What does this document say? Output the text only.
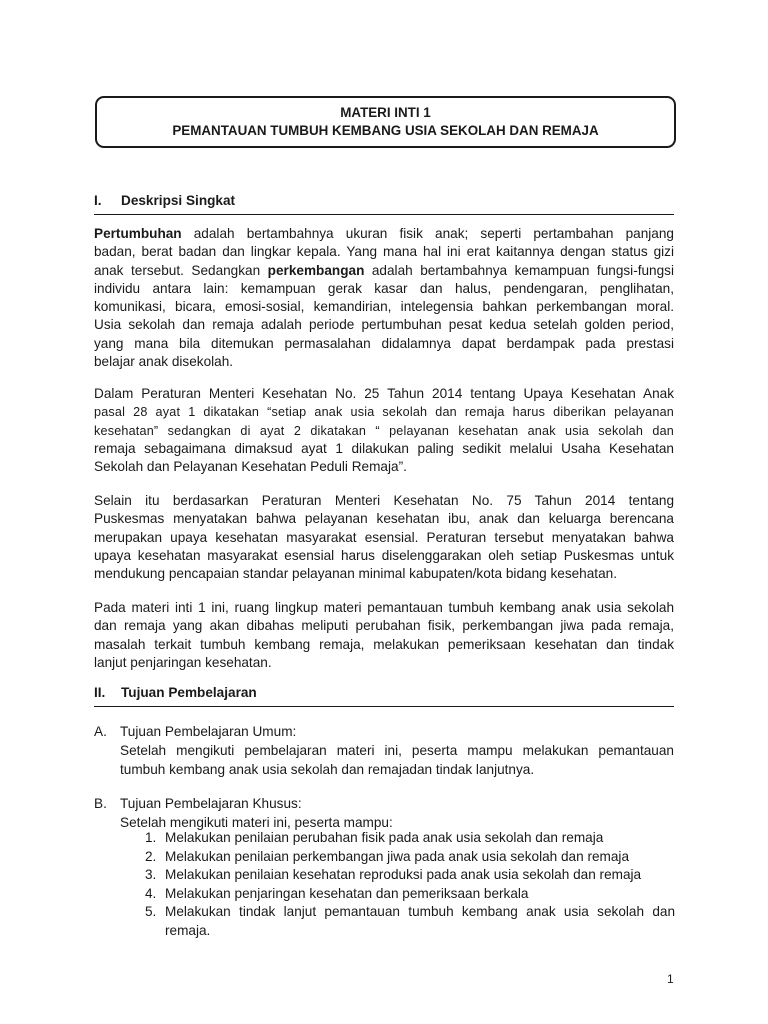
MATERI INTI 1
PEMANTAUAN TUMBUH KEMBANG USIA SEKOLAH DAN REMAJA
I. Deskripsi Singkat
Pertumbuhan adalah bertambahnya ukuran fisik anak; seperti pertambahan panjang
badan, berat badan dan lingkar kepala. Yang mana hal ini erat kaitannya dengan status gizi
anak tersebut. Sedangkan perkembangan adalah bertambahnya kemampuan fungsi-fungsi
individu antara lain: kemampuan gerak kasar dan halus, pendengaran, penglihatan,
komunikasi, bicara, emosi-sosial, kemandirian, intelegensia bahkan perkembangan moral.
Usia sekolah dan remaja adalah periode pertumbuhan pesat kedua setelah golden period,
yang mana bila ditemukan permasalahan didalamnya dapat berdampak pada prestasi
belajar anak disekolah.
Dalam Peraturan Menteri Kesehatan No. 25 Tahun 2014 tentang Upaya Kesehatan Anak
pasal 28 ayat 1 dikatakan “setiap anak usia sekolah dan remaja harus diberikan pelayanan
kesehatan” sedangkan di ayat 2 dikatakan “ pelayanan kesehatan anak usia sekolah dan
remaja sebagaimana dimaksud ayat 1 dilakukan paling sedikit melalui Usaha Kesehatan
Sekolah dan Pelayanan Kesehatan Peduli Remaja”.
Selain itu berdasarkan Peraturan Menteri Kesehatan No. 75 Tahun 2014 tentang
Puskesmas menyatakan bahwa pelayanan kesehatan ibu, anak dan keluarga berencana
merupakan upaya kesehatan masyarakat esensial. Peraturan tersebut menyatakan bahwa
upaya kesehatan masyarakat esensial harus diselenggarakan oleh setiap Puskesmas untuk
mendukung pencapaian standar pelayanan minimal kabupaten/kota bidang kesehatan.
Pada materi inti 1 ini, ruang lingkup materi pemantauan tumbuh kembang anak usia sekolah
dan remaja yang akan dibahas meliputi perubahan fisik, perkembangan jiwa pada remaja,
masalah terkait tumbuh kembang remaja, melakukan pemeriksaan kesehatan dan tindak
lanjut penjaringan kesehatan.
II. Tujuan Pembelajaran
A. Tujuan Pembelajaran Umum:
Setelah mengikuti pembelajaran materi ini, peserta mampu melakukan pemantauan
tumbuh kembang anak usia sekolah dan remajadan tindak lanjutnya.
B. Tujuan Pembelajaran Khusus:
Setelah mengikuti materi ini, peserta mampu:
1. Melakukan penilaian perubahan fisik pada anak usia sekolah dan remaja
2. Melakukan penilaian perkembangan jiwa pada anak usia sekolah dan remaja
3. Melakukan penilaian kesehatan reproduksi pada anak usia sekolah dan remaja
4. Melakukan penjaringan kesehatan dan pemeriksaan berkala
5. Melakukan tindak lanjut pemantauan tumbuh kembang anak usia sekolah dan
remaja.
1
